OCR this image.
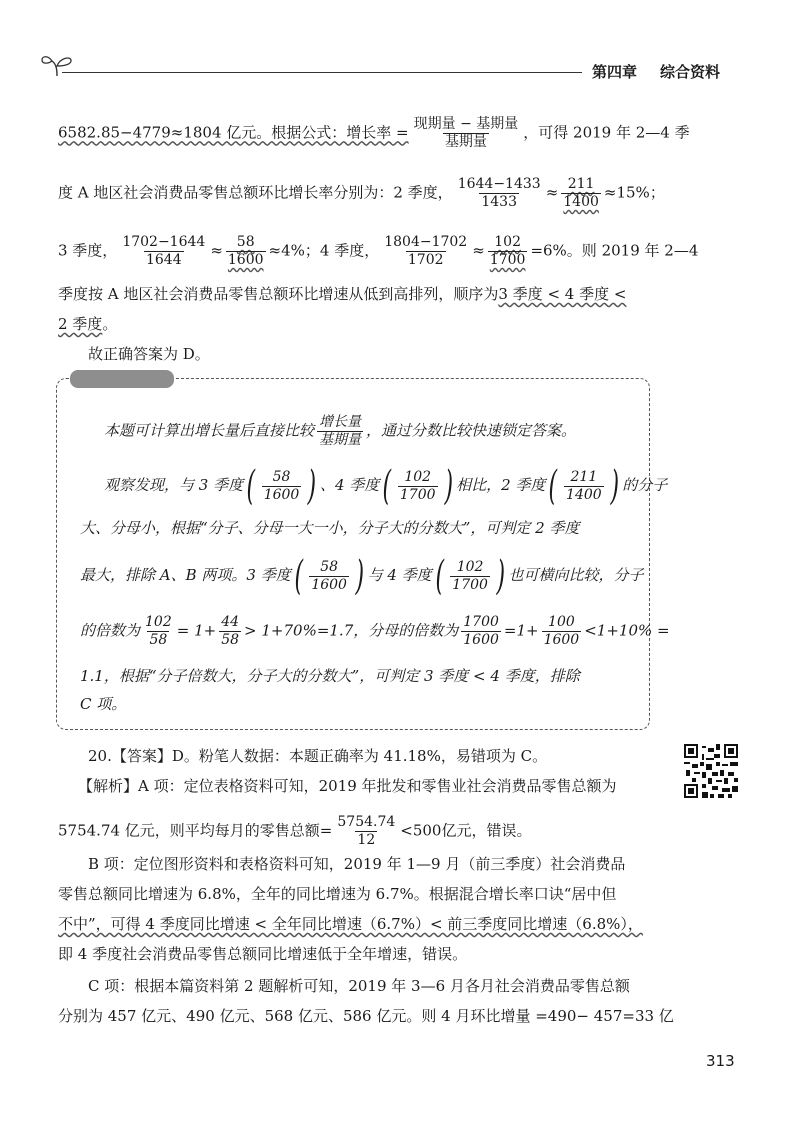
第四章 综合资料
6582.85−4779≈1804 亿元。根据公式：增长率 = $\frac{\text{现期量 − 基期量}}{\text{基期量}}$ ，可得 2019 年 2—4 季
度 A 地区社会消费品零售总额环比增长率分别为：2 季度， $\frac{1644-1433}{1433} \approx \frac{211}{1400} \approx 15\%$；
3 季度， $\frac{1702-1644}{1644} \approx \frac{58}{1600} \approx 4\%$；4 季度， $\frac{1804-1702}{1702} \approx \frac{102}{1700} =6\%$。则 2019 年 2—4
季度按 A 地区社会消费品零售总额环比增速从低到高排列，顺序为3 季度 < 4 季度 <
2 季度。
故正确答案为 D。
本题可计算出增长量后直接比较 $\frac{\text{增长量}}{\text{基期量}}$ ，通过分数比较快速锁定答案。
观察发现，与 3 季度 ( $\frac{58}{1600}$ ) 、4 季度 ( $\frac{102}{1700}$ ) 相比，2 季度 ( $\frac{211}{1400}$ ) 的分子
大、分母小，根据“分子、分母一大一小，分子大的分数大”，可判定 2 季度
最大，排除 A、B 两项。3 季度 ( $\frac{58}{1600}$ ) 与 4 季度 ( $\frac{102}{1700}$ ) 也可横向比较，分子
的倍数为 $\frac{102}{58} = 1+ \frac{44}{58} > 1+70\%=1.7$，分母的倍数为 $\frac{1700}{1600} =1+ \frac{100}{1600} <1+10\%$ =
1.1，根据“分子倍数大，分子大的分数大”，可判定 3 季度 < 4 季度，排除
C 项。
20.【答案】D。粉笔人数据：本题正确率为 41.18%，易错项为 C。
【解析】A 项：定位表格资料可知，2019 年批发和零售业社会消费品零售总额为
5754.74 亿元，则平均每月的零售总额= $\frac{5754.74}{12} <500$亿元，错误。
B 项：定位图形资料和表格资料可知，2019 年 1—9 月（前三季度）社会消费品
零售总额同比增速为 6.8%，全年的同比增速为 6.7%。根据混合增长率口诀“居中但
不中”，可得 4 季度同比增速 < 全年同比增速（6.7%）< 前三季度同比增速（6.8%），
即 4 季度社会消费品零售总额同比增速低于全年增速，错误。
C 项：根据本篇资料第 2 题解析可知，2019 年 3—6 月各月社会消费品零售总额
分别为 457 亿元、490 亿元、568 亿元、586 亿元。则 4 月环比增量 =490− 457=33 亿
313
